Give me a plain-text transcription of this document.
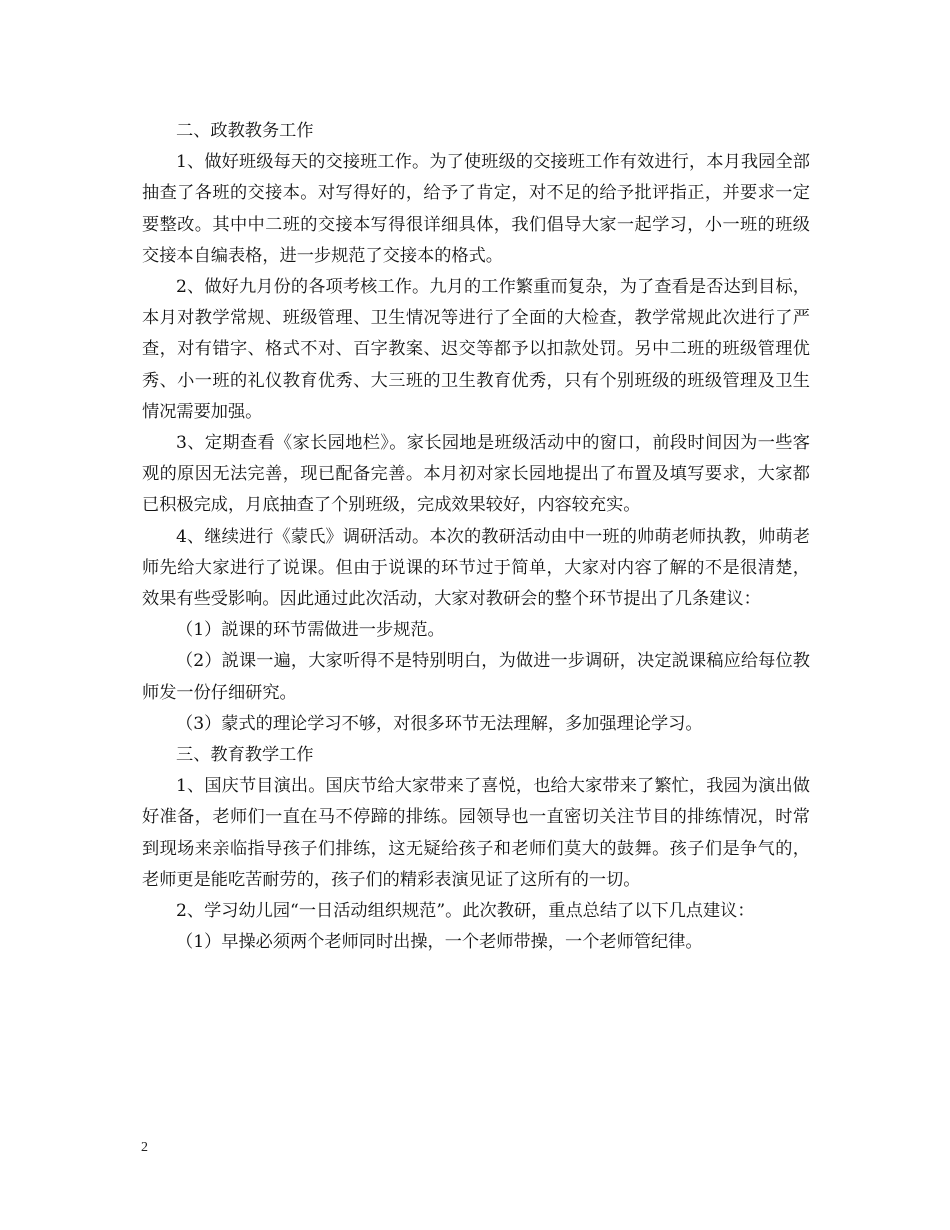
二、政教教务工作

1、做好班级每天的交接班工作。为了使班级的交接班工作有效进行，本月我园全部抽查了各班的交接本。对写得好的，给予了肯定，对不足的给予批评指正，并要求一定要整改。其中中二班的交接本写得很详细具体，我们倡导大家一起学习，小一班的班级交接本自编表格，进一步规范了交接本的格式。

2、做好九月份的各项考核工作。九月的工作繁重而复杂，为了查看是否达到目标，本月对教学常规、班级管理、卫生情况等进行了全面的大检查，教学常规此次进行了严查，对有错字、格式不对、百字教案、迟交等都予以扣款处罚。另中二班的班级管理优秀、小一班的礼仪教育优秀、大三班的卫生教育优秀，只有个别班级的班级管理及卫生情况需要加强。

3、定期查看《家长园地栏》。家长园地是班级活动中的窗口，前段时间因为一些客观的原因无法完善，现已配备完善。本月初对家长园地提出了布置及填写要求，大家都已积极完成，月底抽查了个别班级，完成效果较好，内容较充实。

4、继续进行《蒙氏》调研活动。本次的教研活动由中一班的帅萌老师执教，帅萌老师先给大家进行了说课。但由于说课的环节过于简单，大家对内容了解的不是很清楚，效果有些受影响。因此通过此次活动，大家对教研会的整个环节提出了几条建议：

（1）説课的环节需做进一步规范。

（2）説课一遍，大家听得不是特别明白，为做进一步调研，决定説课稿应给每位教师发一份仔细研究。

（3）蒙式的理论学习不够，对很多环节无法理解，多加强理论学习。

三、教育教学工作

1、国庆节目演出。国庆节给大家带来了喜悦，也给大家带来了繁忙，我园为演出做好准备，老师们一直在马不停蹄的排练。园领导也一直密切关注节目的排练情况，时常到现场来亲临指导孩子们排练，这无疑给孩子和老师们莫大的鼓舞。孩子们是争气的，老师更是能吃苦耐劳的，孩子们的精彩表演见证了这所有的一切。

2、学习幼儿园“一日活动组织规范”。此次教研，重点总结了以下几点建议：

（1）早操必须两个老师同时出操，一个老师带操，一个老师管纪律。

2
